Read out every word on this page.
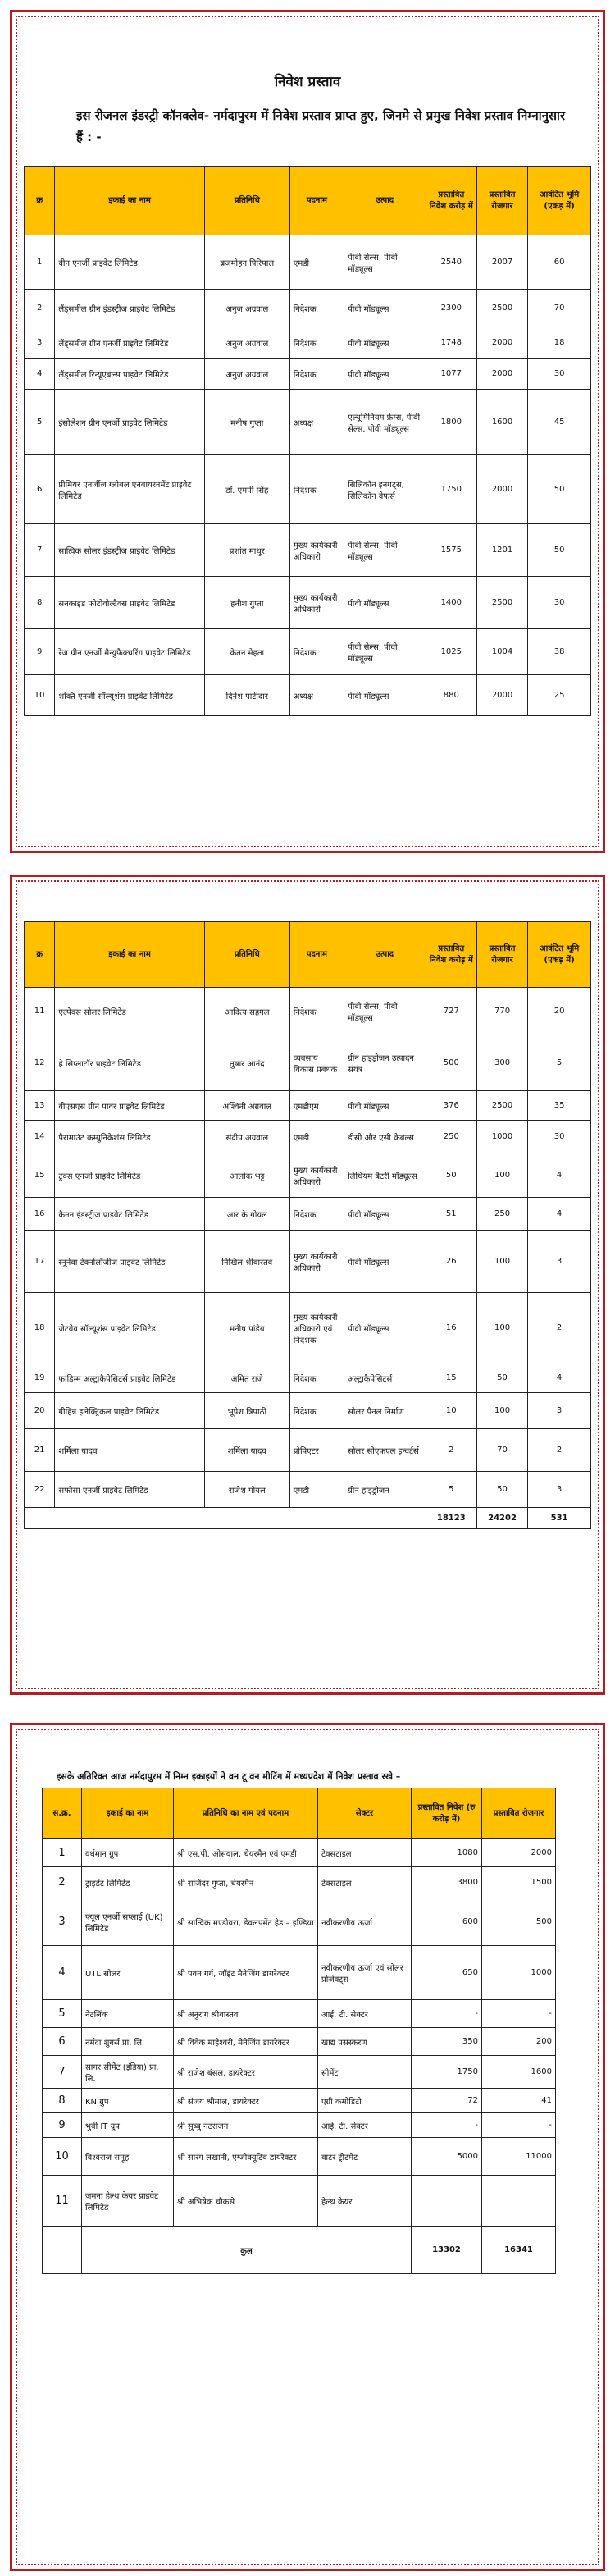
निवेश प्रस्ताव
इस रीजनल इंडस्ट्री कॉनक्लेव- नर्मदापुरम में निवेश प्रस्ताव प्राप्त हुए, जिनमे से प्रमुख निवेश प्रस्ताव निम्नानुसार हैं : -
क्र	इकाई का नाम	प्रतिनिधि	पदनाम	उत्पाद	प्रस्तावित निवेश करोड़ में	प्रस्तावित रोजगार	आवंटित भूमि (एकड़ में)
1	वीन एनर्जी प्राइवेट लिमिटेड	ब्रजमोहन पिरिपाल	एमडी	पीवी सेल्स, पीवी मॉड्यूल्स	2540	2007	60
2	लैंड्समील ग्रीन इंडस्ट्रीज प्राइवेट लिमिटेड	अनुज अग्रवाल	निदेशक	पीवी मॉड्यूल्स	2300	2500	70
3	लैंड्समील ग्रीन एनर्जी प्राइवेट लिमिटेड	अनुज अग्रवाल	निदेशक	पीवी मॉड्यूल्स	1748	2000	18
4	लैंड्समील रिन्यूएबल्स प्राइवेट लिमिटेड	अनुज अग्रवाल	निदेशक	पीवी मॉड्यूल्स	1077	2000	30
5	इंसोलेशन ग्रीन एनर्जी प्राइवेट लिमिटेड	मनीष गुप्ता	अध्यक्ष	एल्यूमिनियम फ्रेम्स, पीवी सेल्स, पीवी मॉड्यूल्स	1800	1600	45
6	प्रीमियर एनर्जीज ग्लोबल एनवायरनमेंट प्राइवेट लिमिटेड	डॉ. एमपी सिंह	निदेशक	सिलिकॉन इनगट्स, सिलिकॉन वेफर्स	1750	2000	50
7	सात्विक सोलर इंडस्ट्रीज प्राइवेट लिमिटेड	प्रशांत माथुर	मुख्य कार्यकारी अधिकारी	पीवी सेल्स, पीवी मॉड्यूल्स	1575	1201	50
8	सनकाइड फोटोवोल्टैक्स प्राइवेट लिमिटेड	हनीश गुप्ता	मुख्य कार्यकारी अधिकारी	पीवी मॉड्यूल्स	1400	2500	30
9	रेज ग्रीन एनर्जी मैन्युफैक्चरिंग प्राइवेट लिमिटेड	केतन मेहता	निदेशक	पीवी सेल्स, पीवी मॉड्यूल्स	1025	1004	38
10	शक्ति एनर्जी सॉल्यूशंस प्राइवेट लिमिटेड	दिनेश पाटीदार	अध्यक्ष	पीवी मॉड्यूल्स	880	2000	25
क्र	इकाई का नाम	प्रतिनिधि	पदनाम	उत्पाद	प्रस्तावित निवेश करोड़ में	प्रस्तावित रोजगार	आवंटित भूमि (एकड़ में)
11	एल्पेक्स सोलर लिमिटेड	आदित्य सहगल	निदेशक	पीवी सेल्स, पीवी मॉड्यूल्स	727	770	20
12	ह्रे सिप्लाटॉर प्राइवेट लिमिटेड	तुषार आनंद	व्यवसाय विकास प्रबंधक	ग्रीन हाइड्रोजन उत्पादन संयंत्र	500	300	5
13	वीएसएस ग्रीन पावर प्राइवेट लिमिटेड	अश्विनी अग्रवाल	एमडीएम	पीवी मॉड्यूल्स	376	2500	35
14	पैरामाउंट कम्युनिकेशंस लिमिटेड	संदीप अग्रवाल	एमडी	डीसी और एसी केबल्स	250	1000	30
15	ट्रेक्स एनर्जी प्राइवेट लिमिटेड	आलोक भट्ट	मुख्य कार्यकारी अधिकारी	लिथियम बैटरी मॉड्यूल्स	50	100	4
16	कैनन इंडस्ट्रीज प्राइवेट लिमिटेड	आर के गोयल	निदेशक	पीवी मॉड्यूल्स	51	250	4
17	स्नूनेवा टेक्नोलॉजीज प्राइवेट लिमिटेड	निखिल श्रीवास्तव	मुख्य कार्यकारी अधिकारी	पीवी मॉड्यूल्स	26	100	3
18	जेटवेव सॉल्यूशंस प्राइवेट लिमिटेड	मनीष पांडेय	मुख्य कार्यकारी अधिकारी एवं निदेशक	पीवी मॉड्यूल्स	16	100	2
19	फाडिम्म अल्ट्राकैपेसिटर्स प्राइवेट लिमिटेड	अमित राजे	निदेशक	अल्ट्राकैपेसिटर्स	15	50	4
20	ग्रीहिन्न इलेक्ट्रिकल प्राइवेट लिमिटेड	भूपेश त्रिपाठी	निदेशक	सोलर पैनल निर्माण	10	100	3
21	शर्मिला यादव	शर्मिला यादव	प्रोपिएटर	सोलर सीएफएल इन्वर्टर्स	2	70	2
22	सफोसा एनर्जी प्राइवेट लिमिटेड	राजेश गोयल	एमडी	ग्रीन हाइड्रोजन	5	50	3
					18123	24202	531
इसके अतिरिक्त आज नर्मदापुरम में निम्न इकाइयों ने वन टू वन मीटिंग में मध्यप्रदेश में निवेश प्रस्ताव रखे –
स.क्र.	इकाई का नाम	प्रतिनिधि का नाम एवं पदनाम	सेक्टर	प्रस्तावित निवेश (रु करोड़ में)	प्रस्तावित रोजगार
1	वर्धमान ग्रुप	श्री एस.पी. ओसवाल, चेयरमैन एवं एमडी	टेक्सटाइल	1080	2000
2	ट्राइडेंट लिमिटेड	श्री राजिंदर गुप्ता, चेयरमैन	टेक्सटाइल	3800	1500
3	फ्यूल एनर्जी सप्लाई (UK) लिमिटेड	श्री सात्विक मण्डोवरा, डेवलपमेंट हेड – इण्डिया	नवीकरणीय ऊर्जा	600	500
4	UTL सोलर	श्री पवन गर्ग, जॉइंट मैनेजिंग डायरेक्टर	नवीकरणीय ऊर्जा एवं सोलर प्रोजेक्ट्स	650	1000
5	नेटलिंक	श्री अनुराग श्रीवास्तव	आई. टी. सेक्टर	-	-
6	नर्मदा शुगर्स प्रा. लि.	श्री विवेक माहेश्वरी, मैनेजिंग डायरेक्टर	खाद्य प्रसंस्करण	350	200
7	सागर सीमेंट (इंडिया) प्रा. लि.	श्री राजेश बंसल, डायरेक्टर	सीमेंट	1750	1600
8	KN ग्रुप	श्री संजय श्रीमाल, डायरेक्टर	एग्री कमोडिटी	72	41
9	भुवी IT ग्रुप	श्री सुब्बु नटराजन	आई. टी. सेक्टर	-	-
10	विश्वराज समूह	श्री सारंग लखानी, एग्जीक्यूटिव डायरेक्टर	वाटर ट्रीटमेंट	5000	11000
11	जमना हेल्थ केयर प्राइवेट लिमिटेड	श्री अभिषेक चौकसे	हेल्थ केयर		
	कुल			13302	16341
